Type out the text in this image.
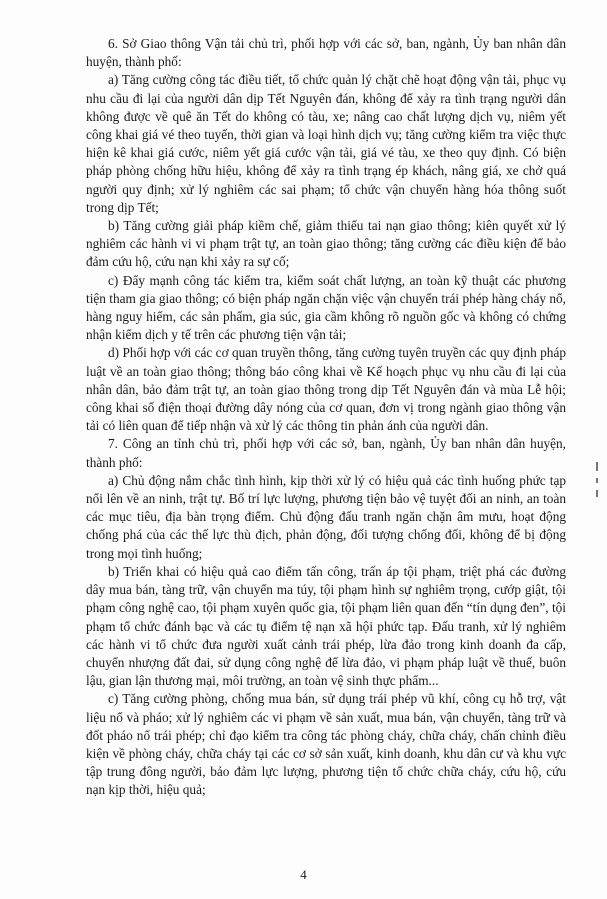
6. Sở Giao thông Vận tải chủ trì, phối hợp với các sở, ban, ngành, Ủy ban nhân dân huyện, thành phố:

a) Tăng cường công tác điều tiết, tổ chức quản lý chặt chẽ hoạt động vận tải, phục vụ nhu cầu đi lại của người dân dịp Tết Nguyên đán, không để xảy ra tình trạng người dân không được về quê ăn Tết do không có tàu, xe; nâng cao chất lượng dịch vụ, niêm yết công khai giá vé theo tuyến, thời gian và loại hình dịch vụ; tăng cường kiểm tra việc thực hiện kê khai giá cước, niêm yết giá cước vận tải, giá vé tàu, xe theo quy định. Có biện pháp phòng chống hữu hiệu, không để xảy ra tình trạng ép khách, nâng giá, xe chở quá người quy định; xử lý nghiêm các sai phạm; tổ chức vận chuyển hàng hóa thông suốt trong dịp Tết;

b) Tăng cường giải pháp kiềm chế, giảm thiểu tai nạn giao thông; kiên quyết xử lý nghiêm các hành vi vi phạm trật tự, an toàn giao thông; tăng cường các điều kiện để bảo đảm cứu hộ, cứu nạn khi xảy ra sự cố;

c) Đẩy mạnh công tác kiểm tra, kiểm soát chất lượng, an toàn kỹ thuật các phương tiện tham gia giao thông; có biện pháp ngăn chặn việc vận chuyển trái phép hàng cháy nổ, hàng nguy hiểm, các sản phẩm, gia súc, gia cầm không rõ nguồn gốc và không có chứng nhận kiểm dịch y tế trên các phương tiện vận tải;

d) Phối hợp với các cơ quan truyền thông, tăng cường tuyên truyền các quy định pháp luật về an toàn giao thông; thông báo công khai về Kế hoạch phục vụ nhu cầu đi lại của nhân dân, bảo đảm trật tự, an toàn giao thông trong dịp Tết Nguyên đán và mùa Lễ hội; công khai số điện thoại đường dây nóng của cơ quan, đơn vị trong ngành giao thông vận tải có liên quan để tiếp nhận và xử lý các thông tin phản ánh của người dân.

7. Công an tỉnh chủ trì, phối hợp với các sở, ban, ngành, Ủy ban nhân dân huyện, thành phố:

a) Chủ động nắm chắc tình hình, kịp thời xử lý có hiệu quả các tình huống phức tạp nổi lên về an ninh, trật tự. Bố trí lực lượng, phương tiện bảo vệ tuyệt đối an ninh, an toàn các mục tiêu, địa bàn trọng điểm. Chủ động đấu tranh ngăn chặn âm mưu, hoạt động chống phá của các thế lực thù địch, phản động, đối tượng chống đối, không để bị động trong mọi tình huống;

b) Triển khai có hiệu quả cao điểm tấn công, trấn áp tội phạm, triệt phá các đường dây mua bán, tàng trữ, vận chuyển ma túy, tội phạm hình sự nghiêm trọng, cướp giật, tội phạm công nghệ cao, tội phạm xuyên quốc gia, tội phạm liên quan đến “tín dụng đen”, tội phạm tổ chức đánh bạc và các tụ điểm tệ nạn xã hội phức tạp. Đấu tranh, xử lý nghiêm các hành vi tổ chức đưa người xuất cảnh trái phép, lừa đảo trong kinh doanh đa cấp, chuyển nhượng đất đai, sử dụng công nghệ để lừa đảo, vi phạm pháp luật về thuế, buôn lậu, gian lận thương mại, môi trường, an toàn vệ sinh thực phẩm...

c) Tăng cường phòng, chống mua bán, sử dụng trái phép vũ khí, công cụ hỗ trợ, vật liệu nổ và pháo; xử lý nghiêm các vi phạm về sản xuất, mua bán, vận chuyển, tàng trữ và đốt pháo nổ trái phép; chỉ đạo kiểm tra công tác phòng cháy, chữa cháy, chấn chỉnh điều kiện về phòng cháy, chữa cháy tại các cơ sở sản xuất, kinh doanh, khu dân cư và khu vực tập trung đông người, bảo đảm lực lượng, phương tiện tổ chức chữa cháy, cứu hộ, cứu nạn kịp thời, hiệu quả;

4
